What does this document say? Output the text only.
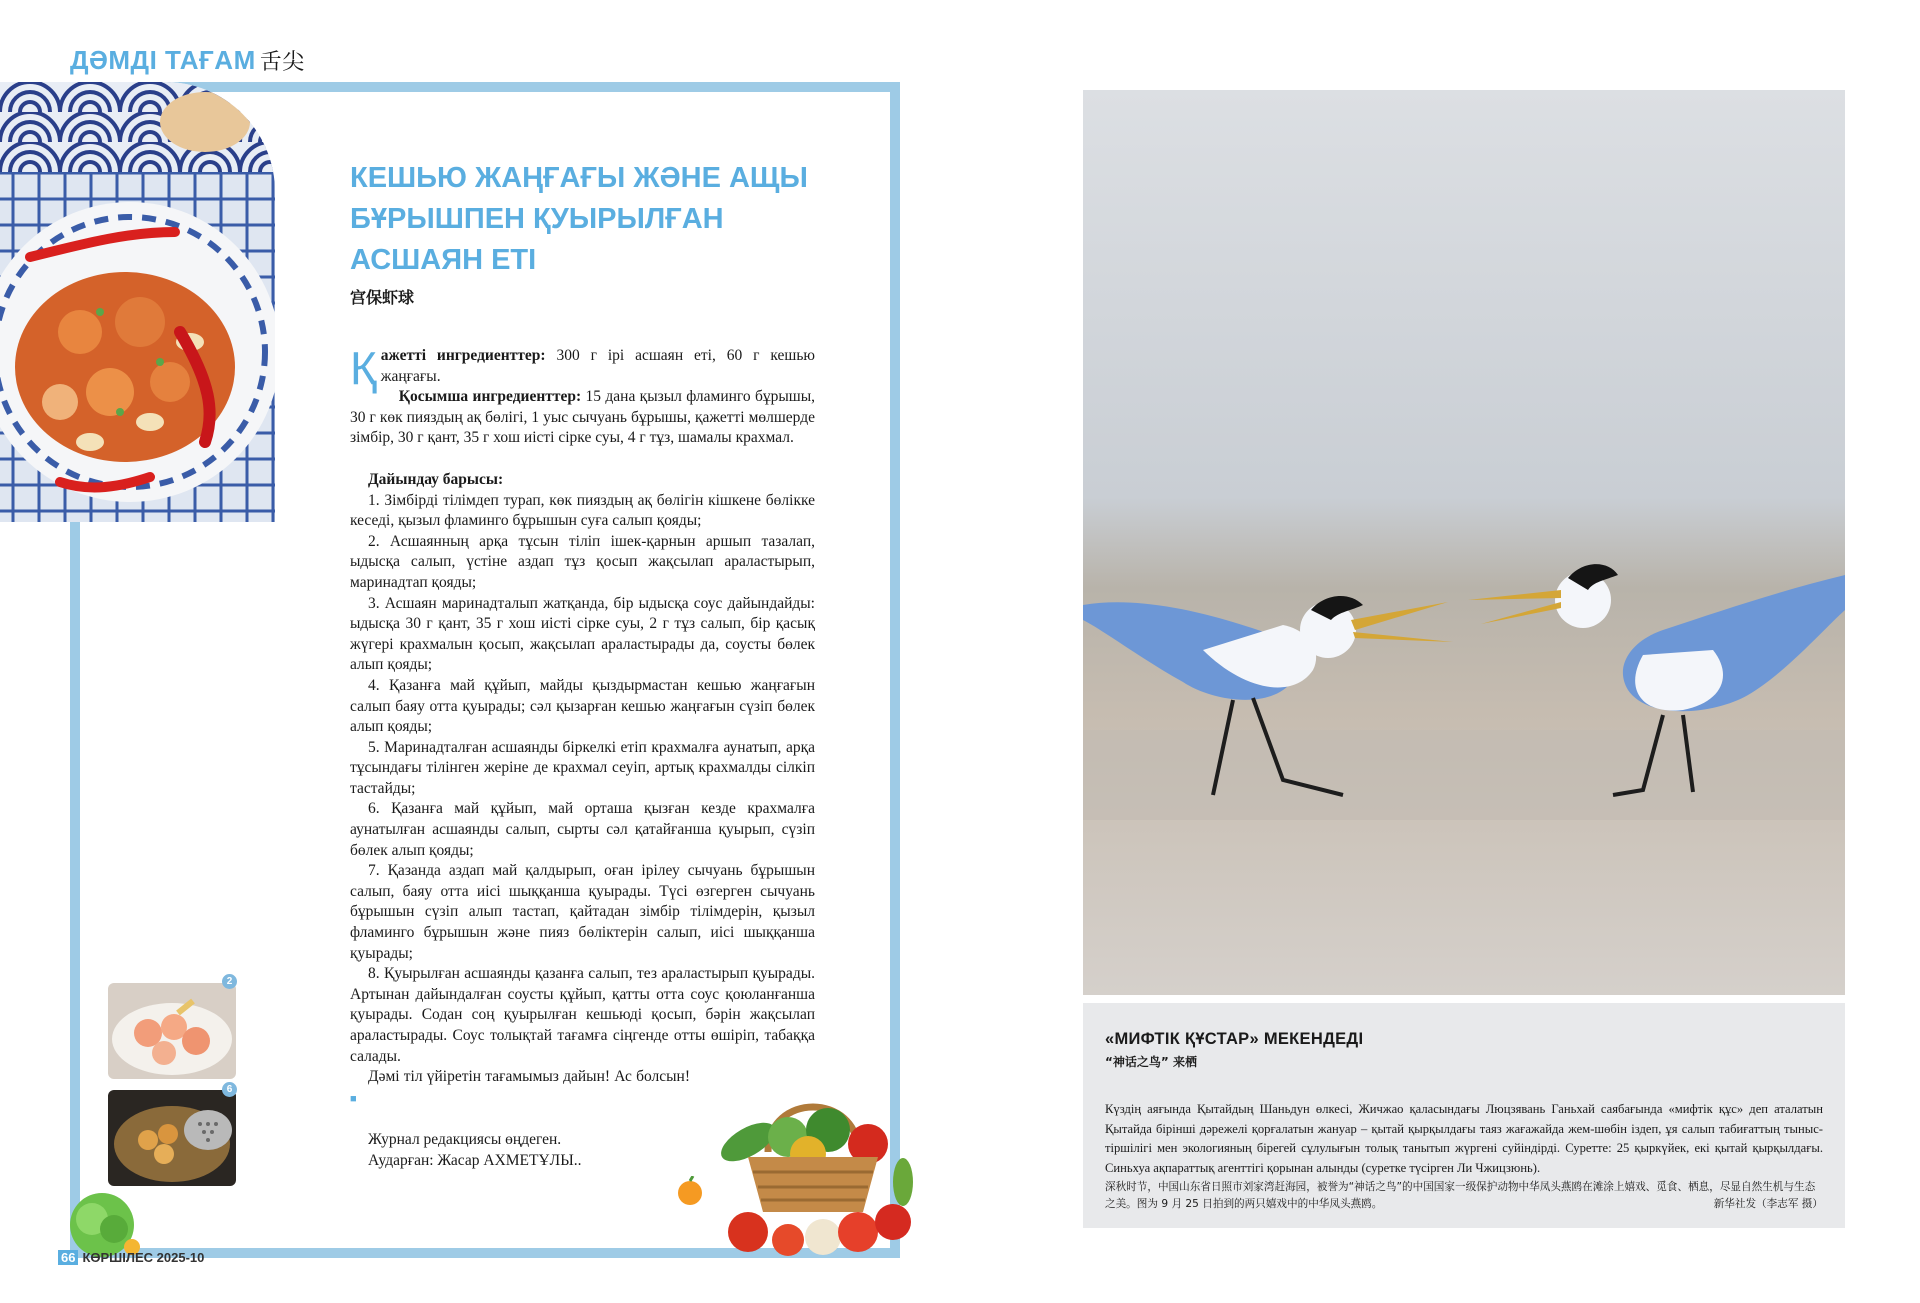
ДӘМДІ ТАҒАМ 舌尖
КЕШЬЮ ЖАҢҒАҒЫ ЖӘНЕ АЩЫ БҰРЫШПЕН ҚУЫРЫЛҒАН АСШАЯН ЕТІ
宫保虾球

Қажетті ингредиенттер: 300 г ірі асшаян еті, 60 г кешью жаңғағы.

Қосымша ингредиенттер: 15 дана қызыл фламинго бұрышы, 30 г көк пияздың ақ бөлігі, 1 уыс сычуань бұрышы, қажетті мөлшерде зімбір, 30 г қант, 35 г хош иісті сірке суы, 4 г тұз, шамалы крахмал.

Дайындау барысы:

1. Зімбірді тілімдеп турап, көк пияздың ақ бөлігін кішкене бөлікке кеседі, қызыл фламинго бұрышын суға салып қояды;

2. Асшаянның арқа тұсын тіліп ішек-қарнын аршып тазалап, ыдысқа салып, үстіне аздап тұз қосып жақсылап араластырып, маринадтап қояды;

3. Асшаян маринадталып жатқанда, бір ыдысқа соус дайындайды: ыдысқа 30 г қант, 35 г хош иісті сірке суы, 2 г тұз салып, бір қасық жүгері крахмалын қосып, жақсылап араластырады да, соусты бөлек алып қояды;

4. Қазанға май құйып, майды қыздырмастан кешью жаңғағын салып баяу отта қуырады; сәл қызарған кешью жаңғағын сүзіп бөлек алып қояды;

5. Маринадталған асшаянды біркелкі етіп крахмалға аунатып, арқа тұсындағы тілінген жеріне де крахмал сеуіп, артық крахмалды сілкіп тастайды;

6. Қазанға май құйып, май орташа қызған кезде крахмалға аунатылған асшаянды салып, сырты сәл қатайғанша қуырып, сүзіп бөлек алып қояды;

7. Қазанда аздап май қалдырып, оған ірілеу сычуань бұрышын салып, баяу отта иісі шыққанша қуырады. Түсі өзгерген сычуань бұрышын сүзіп алып тастап, қайтадан зімбір тілімдерін, қызыл фламинго бұрышын және пияз бөліктерін салып, иісі шыққанша қуырады;

8. Қуырылған асшаянды қазанға салып, тез араластырып қуырады. Артынан дайындалған соусты құйып, қатты отта соус қоюланғанша қуырады. Содан соң қуырылған кешьюді қосып, бәрін жақсылап араластырады. Соус толықтай тағамға сіңгенде отты өшіріп, табаққа салады.

Дәмі тіл үйіретін тағамымыз дайын! Ас болсын! ■

Журнал редакциясы өңдеген.

Аударған: Жасар АХМЕТҰЛЫ..

2
6
66 КӨРШІЛЕС 2025-10
«МИФТІК ҚҰСТАР» МЕКЕНДЕДІ
“神话之鸟” 来栖
Күздің аяғында Қытайдың Шаньдун өлкесі, Жичжао қаласындағы Люцзявань Ганьхай саябағында «мифтік құс» деп аталатын Қытайда бірінші дәрежелі қорғалатын жануар – қытай қырқылдағы таяз жағажайда жем-шөбін іздеп, ұя салып табиғаттың тыныс-тіршілігі мен экологияның бірегей сұлулығын толық танытып жүргені суйіндірді. Суретте: 25 қыркүйек, екі қытай қырқылдағы. Синьхуа ақпараттық агенттігі қорынан алынды (суретке түсірген Ли Чжицзюнь).
深秋时节，中国山东省日照市刘家湾赶海园，被誉为“神话之鸟”的中国国家一级保护动物中华凤头燕鸥在滩涂上嬉戏、觅食、栖息，尽显自然生机与生态之美。图为 9 月 25 日拍到的两只嬉戏中的中华凤头燕鸥。	新华社发（李志军 摄）
